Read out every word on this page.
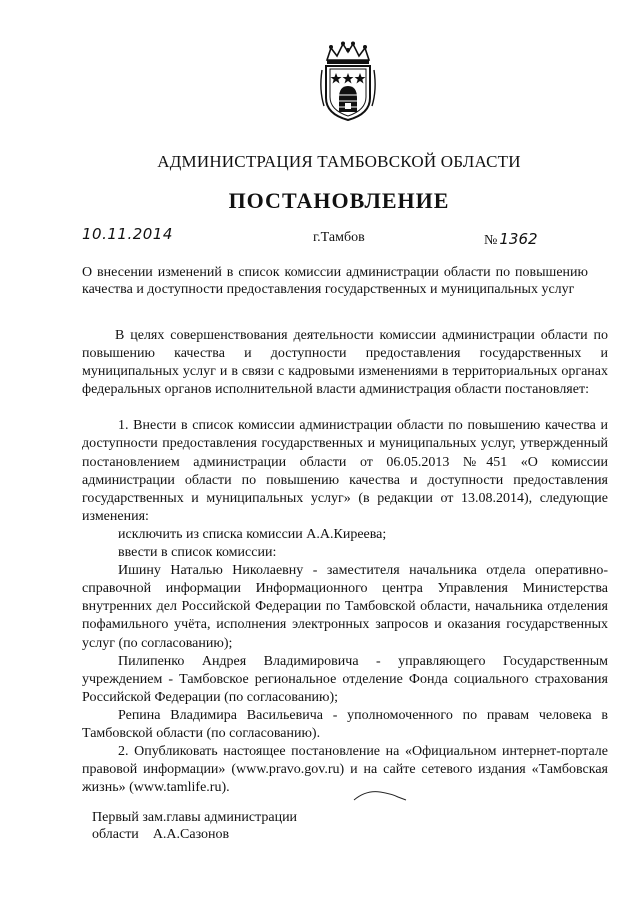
АДМИНИСТРАЦИЯ ТАМБОВСКОЙ ОБЛАСТИ
ПОСТАНОВЛЕНИЕ
10.11.2014	г.Тамбов	№ 1362
О внесении изменений в список комиссии администрации области по повышению качества и доступности предоставления государственных и муниципальных услуг

В целях совершенствования деятельности комиссии администрации области по повышению качества и доступности предоставления государственных и муниципальных услуг и в связи с кадровыми изменениями в территориальных органах федеральных органов исполнительной власти администрация области постановляет:

1. Внести в список комиссии администрации области по повышению качества и доступности предоставления государственных и муниципальных услуг, утвержденный постановлением администрации области от 06.05.2013 №451 «О комиссии администрации области по повышению качества и доступности предоставления государственных и муниципальных услуг» (в редакции от 13.08.2014), следующие изменения:

исключить из списка комиссии А.А.Киреева;

ввести в список комиссии:

Ишину Наталью Николаевну - заместителя начальника отдела оперативно-справочной информации Информационного центра Управления Министерства внутренних дел Российской Федерации по Тамбовской области, начальника отделения пофамильного учёта, исполнения электронных запросов и оказания государственных услуг (по согласованию);

Пилипенко Андрея Владимировича - управляющего Государственным учреждением - Тамбовское региональное отделение Фонда социального страхования Российской Федерации (по согласованию);

Репина Владимира Васильевича - уполномоченного по правам человека в Тамбовской области (по согласованию).

2. Опубликовать настоящее постановление на «Официальном интернет-портале правовой информации» (www.pravo.gov.ru) и на сайте сетевого издания «Тамбовская жизнь» (www.tamlife.ru).

Первый зам.главы администрации
области А.А.Сазонов
